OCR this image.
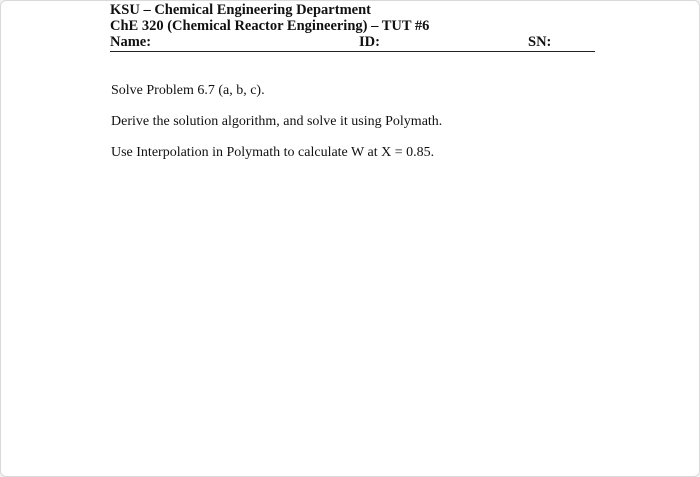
KSU – Chemical Engineering Department
ChE 320 (Chemical Reactor Engineering) – TUT #6
Name:	ID:	SN:

Solve Problem 6.7 (a, b, c).

Derive the solution algorithm, and solve it using Polymath.

Use Interpolation in Polymath to calculate W at X = 0.85.
